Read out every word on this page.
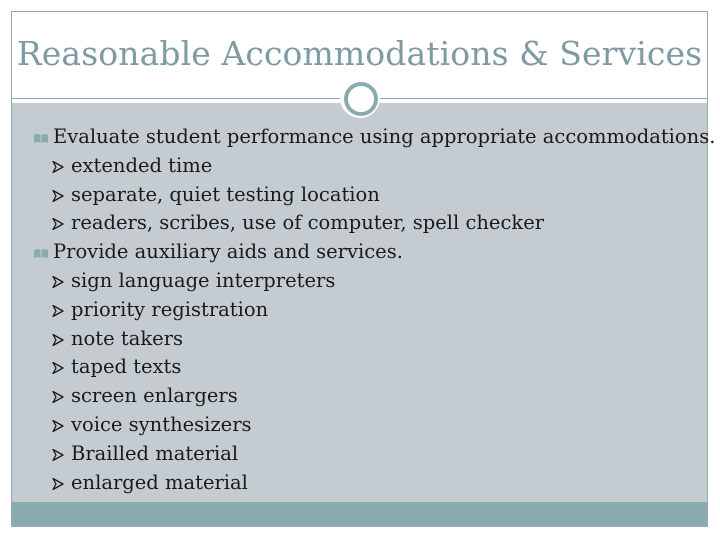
Reasonable Accommodations & Services
Evaluate student performance using appropriate accommodations.
extended time
separate, quiet testing location
readers, scribes, use of computer, spell checker
Provide auxiliary aids and services.
sign language interpreters
priority registration
note takers
taped texts
screen enlargers
voice synthesizers
Brailled material
enlarged material
